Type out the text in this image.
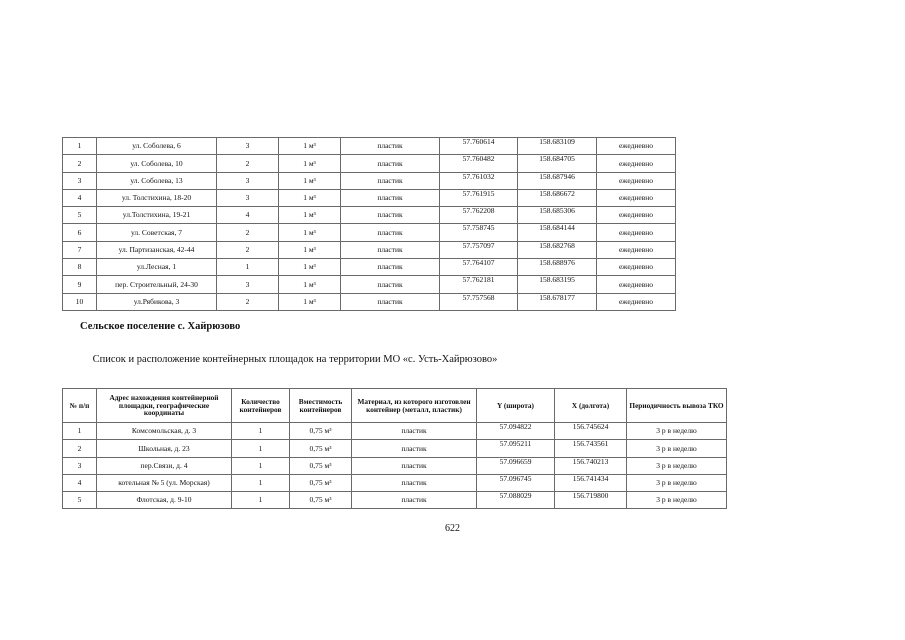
1	ул. Соболева, 6	3	1 м³	пластик	57.760614	158.683109	ежедневно
2	ул. Соболева, 10	2	1 м³	пластик	57.760482	158.684705	ежедневно
3	ул. Соболева, 13	3	1 м³	пластик	57.761032	158.687946	ежедневно
4	ул. Толстихина, 18-20	3	1 м³	пластик	57.761915	158.686672	ежедневно
5	ул.Толстихина, 19-21	4	1 м³	пластик	57.762208	158.685306	ежедневно
6	ул. Советская, 7	2	1 м³	пластик	57.758745	158.684144	ежедневно
7	ул. Партизанская, 42-44	2	1 м³	пластик	57.757097	158.682768	ежедневно
8	ул.Лесная, 1	1	1 м³	пластик	57.764107	158.688976	ежедневно
9	пер. Строительный, 24-30	3	1 м³	пластик	57.762181	158.683195	ежедневно
10	ул.Рябикова, 3	2	1 м³	пластик	57.757568	158.678177	ежедневно
Сельское поселение с. Хайрюзово
Список и расположение контейнерных площадок на территории МО «с. Усть-Хайрюзово»
№ п/п	Адрес нахождения контейнерной площадки, географические координаты	Количество контейнеров	Вместимость контейнеров	Материал, из которого изготовлен контейнер (металл, пластик)	Y (широта)	X (долгота)	Периодичность вывоза ТКО
1	Комсомольская, д. 3	1	0,75 м³	пластик	57.094822	156.745624	3 р в неделю
2	Школьная, д. 23	1	0,75 м³	пластик	57.095211	156.743561	3 р в неделю
3	пер.Связи, д. 4	1	0,75 м³	пластик	57.096659	156.740213	3 р в неделю
4	котельная № 5 (ул. Морская)	1	0,75 м³	пластик	57.096745	156.741434	3 р в неделю
5	Флотская, д. 9-10	1	0,75 м³	пластик	57.088029	156.719800	3 р в неделю
622
